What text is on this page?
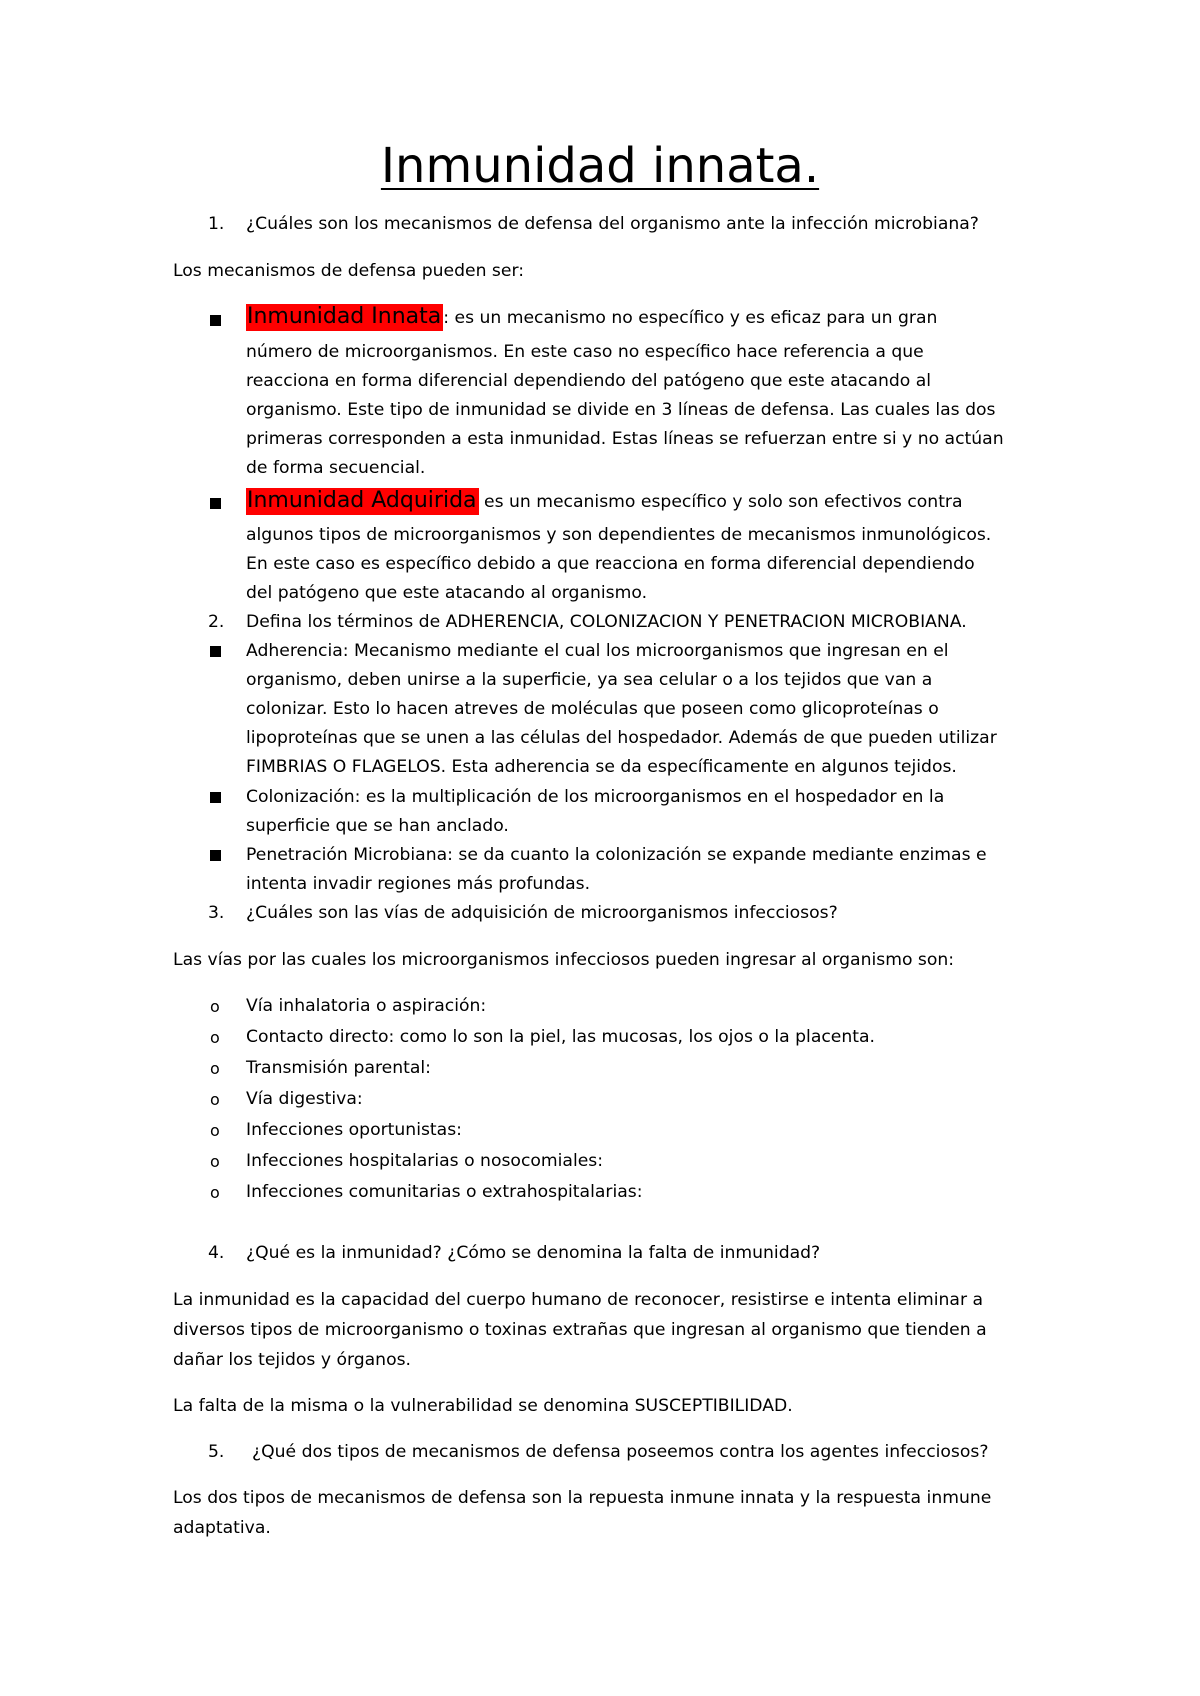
Inmunidad innata.
1. ¿Cuáles son los mecanismos de defensa del organismo ante la infección microbiana?
Los mecanismos de defensa pueden ser:
Inmunidad Innata : es un mecanismo no específico y es eficaz para un gran
número de microorganismos. En este caso no específico hace referencia a que
reacciona en forma diferencial dependiendo del patógeno que este atacando al
organismo. Este tipo de inmunidad se divide en 3 líneas de defensa. Las cuales las dos
primeras corresponden a esta inmunidad. Estas líneas se refuerzan entre si y no actúan
de forma secuencial.
Inmunidad Adquirida es un mecanismo específico y solo son efectivos contra
algunos tipos de microorganismos y son dependientes de mecanismos inmunológicos.
En este caso es específico debido a que reacciona en forma diferencial dependiendo
del patógeno que este atacando al organismo.
2. Defina los términos de ADHERENCIA, COLONIZACION Y PENETRACION MICROBIANA.
Adherencia: Mecanismo mediante el cual los microorganismos que ingresan en el
organismo, deben unirse a la superficie, ya sea celular o a los tejidos que van a
colonizar. Esto lo hacen atreves de moléculas que poseen como glicoproteínas o
lipoproteínas que se unen a las células del hospedador. Además de que pueden utilizar
FIMBRIAS O FLAGELOS. Esta adherencia se da específicamente en algunos tejidos.
Colonización: es la multiplicación de los microorganismos en el hospedador en la
superficie que se han anclado.
Penetración Microbiana: se da cuanto la colonización se expande mediante enzimas e
intenta invadir regiones más profundas.
3. ¿Cuáles son las vías de adquisición de microorganismos infecciosos?
Las vías por las cuales los microorganismos infecciosos pueden ingresar al organismo son:
o Vía inhalatoria o aspiración:
o Contacto directo: como lo son la piel, las mucosas, los ojos o la placenta.
o Transmisión parental:
o Vía digestiva:
o Infecciones oportunistas:
o Infecciones hospitalarias o nosocomiales:
o Infecciones comunitarias o extrahospitalarias:
4. ¿Qué es la inmunidad? ¿Cómo se denomina la falta de inmunidad?
La inmunidad es la capacidad del cuerpo humano de reconocer, resistirse e intenta eliminar a
diversos tipos de microorganismo o toxinas extrañas que ingresan al organismo que tienden a
dañar los tejidos y órganos.
La falta de la misma o la vulnerabilidad se denomina SUSCEPTIBILIDAD.
5. ¿Qué dos tipos de mecanismos de defensa poseemos contra los agentes infecciosos?
Los dos tipos de mecanismos de defensa son la repuesta inmune innata y la respuesta inmune
adaptativa.
